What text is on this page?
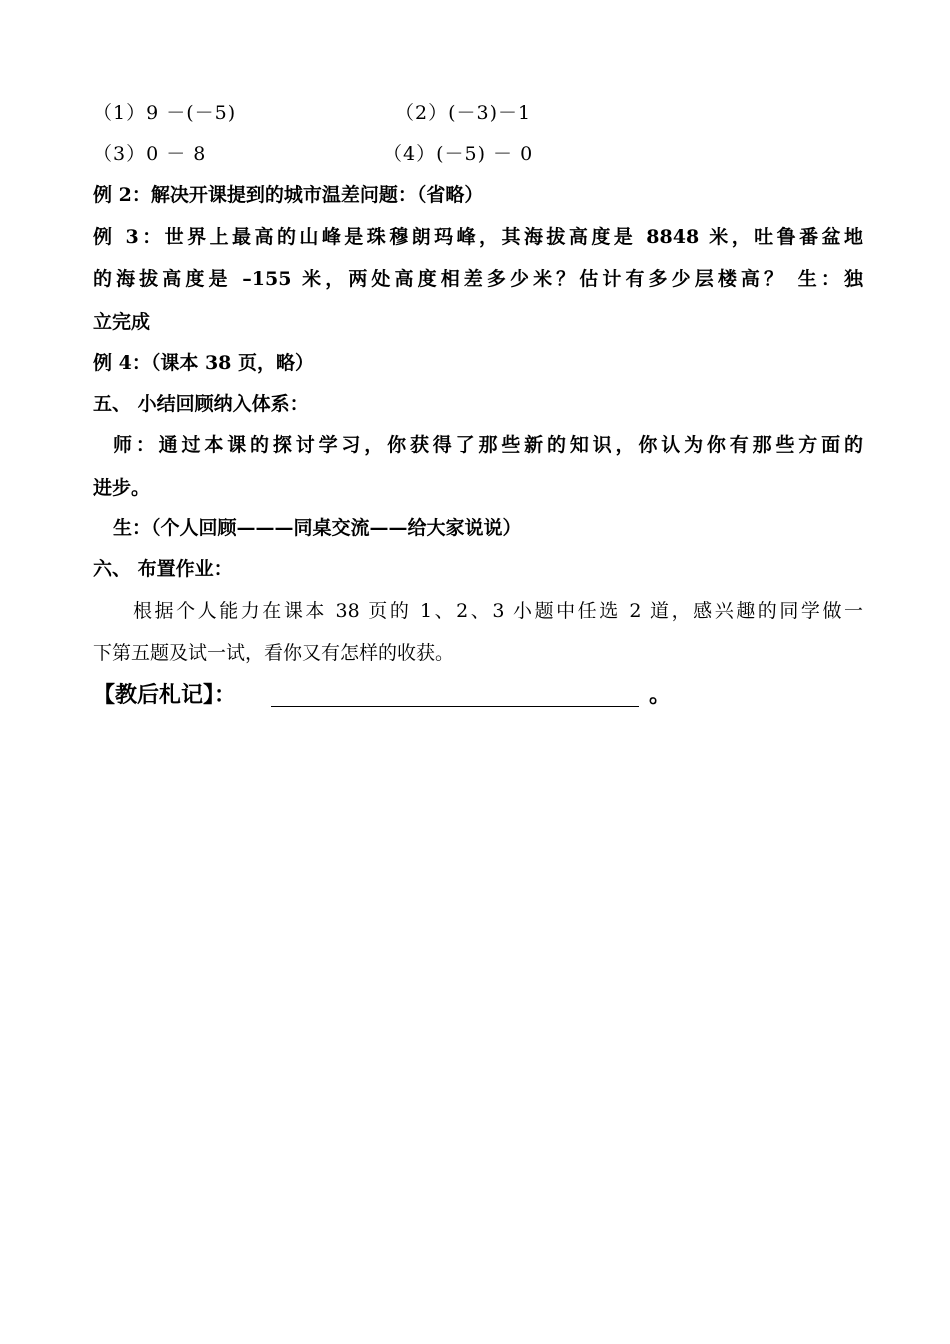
（1）9 －(－5)	（2）(－3)－1
（3）0 － 8	（4）(－5) － 0
例 2：解决开课提到的城市温差问题：（省略）
例 3：世界上最高的山峰是珠穆朗玛峰，其海拔高度是 8848 米，吐鲁番盆地
的海拔高度是 –155 米，两处高度相差多少米？估计有多少层楼高？ 生：独
立完成
例 4：（课本 38 页，略）
五、 小结回顾纳入体系：
师：通过本课的探讨学习，你获得了那些新的知识，你认为你有那些方面的
进步。
生：（个人回顾———同桌交流——给大家说说）
六、 布置作业：
根据个人能力在课本 38 页的 1、2、3 小题中任选 2 道，感兴趣的同学做一
下第五题及试一试，看你又有怎样的收获。
【教后札记】：	。
